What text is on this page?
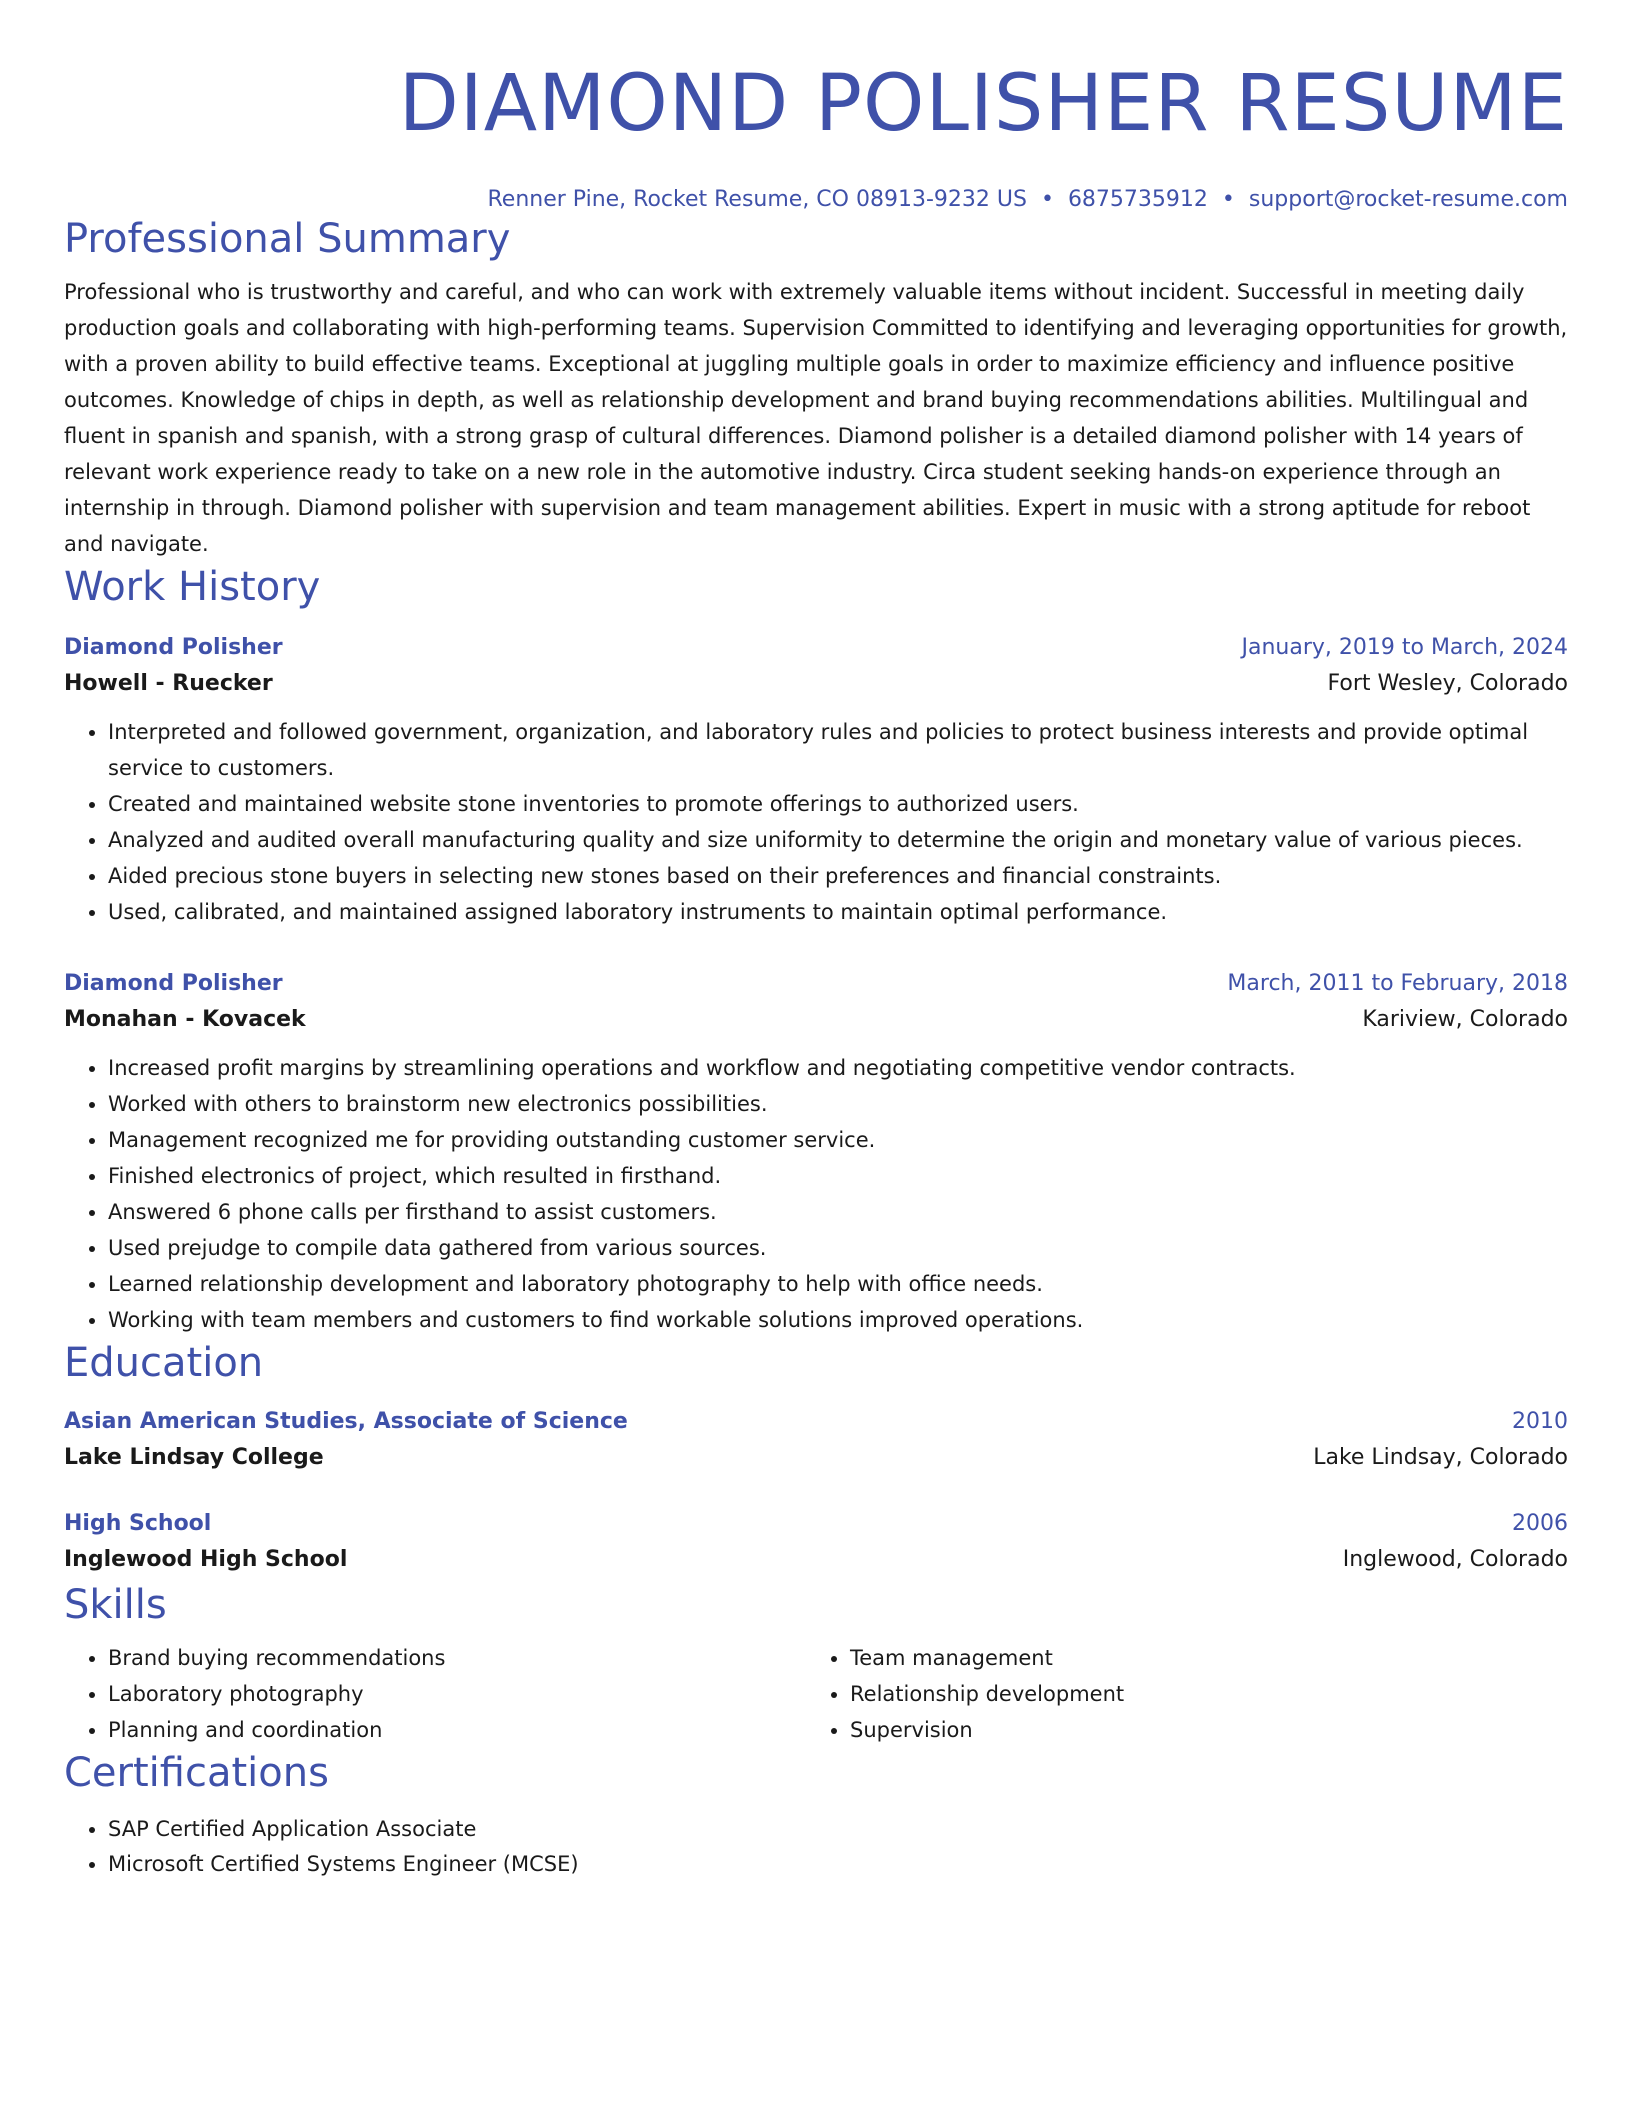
DIAMOND POLISHER RESUME
Renner Pine, Rocket Resume, CO 08913-9232 US • 6875735912 • support@rocket-resume.com
Professional Summary

Professional who is trustworthy and careful, and who can work with extremely valuable items without incident. Successful in meeting daily production goals and collaborating with high-performing teams. Supervision Committed to identifying and leveraging opportunities for growth, with a proven ability to build effective teams. Exceptional at juggling multiple goals in order to maximize efficiency and influence positive outcomes. Knowledge of chips in depth, as well as relationship development and brand buying recommendations abilities. Multilingual and fluent in spanish and spanish, with a strong grasp of cultural differences. Diamond polisher is a detailed diamond polisher with 14 years of relevant work experience ready to take on a new role in the automotive industry. Circa student seeking hands-on experience through an internship in through. Diamond polisher with supervision and team management abilities. Expert in music with a strong aptitude for reboot and navigate.

Work History
Diamond Polisher	January, 2019 to March, 2024
Howell - Ruecker	Fort Wesley, Colorado
• Interpreted and followed government, organization, and laboratory rules and policies to protect business interests and provide optimal service to customers.
• Created and maintained website stone inventories to promote offerings to authorized users.
• Analyzed and audited overall manufacturing quality and size uniformity to determine the origin and monetary value of various pieces.
• Aided precious stone buyers in selecting new stones based on their preferences and financial constraints.
• Used, calibrated, and maintained assigned laboratory instruments to maintain optimal performance.
Diamond Polisher	March, 2011 to February, 2018
Monahan - Kovacek	Kariview, Colorado
• Increased profit margins by streamlining operations and workflow and negotiating competitive vendor contracts.
• Worked with others to brainstorm new electronics possibilities.
• Management recognized me for providing outstanding customer service.
• Finished electronics of project, which resulted in firsthand.
• Answered 6 phone calls per firsthand to assist customers.
• Used prejudge to compile data gathered from various sources.
• Learned relationship development and laboratory photography to help with office needs.
• Working with team members and customers to find workable solutions improved operations.
Education
Asian American Studies, Associate of Science	2010
Lake Lindsay College	Lake Lindsay, Colorado
High School	2006
Inglewood High School	Inglewood, Colorado
Skills
• Brand buying recommendations
• Laboratory photography
• Planning and coordination
• Team management
• Relationship development
• Supervision
Certifications
• SAP Certified Application Associate
• Microsoft Certified Systems Engineer (MCSE)
